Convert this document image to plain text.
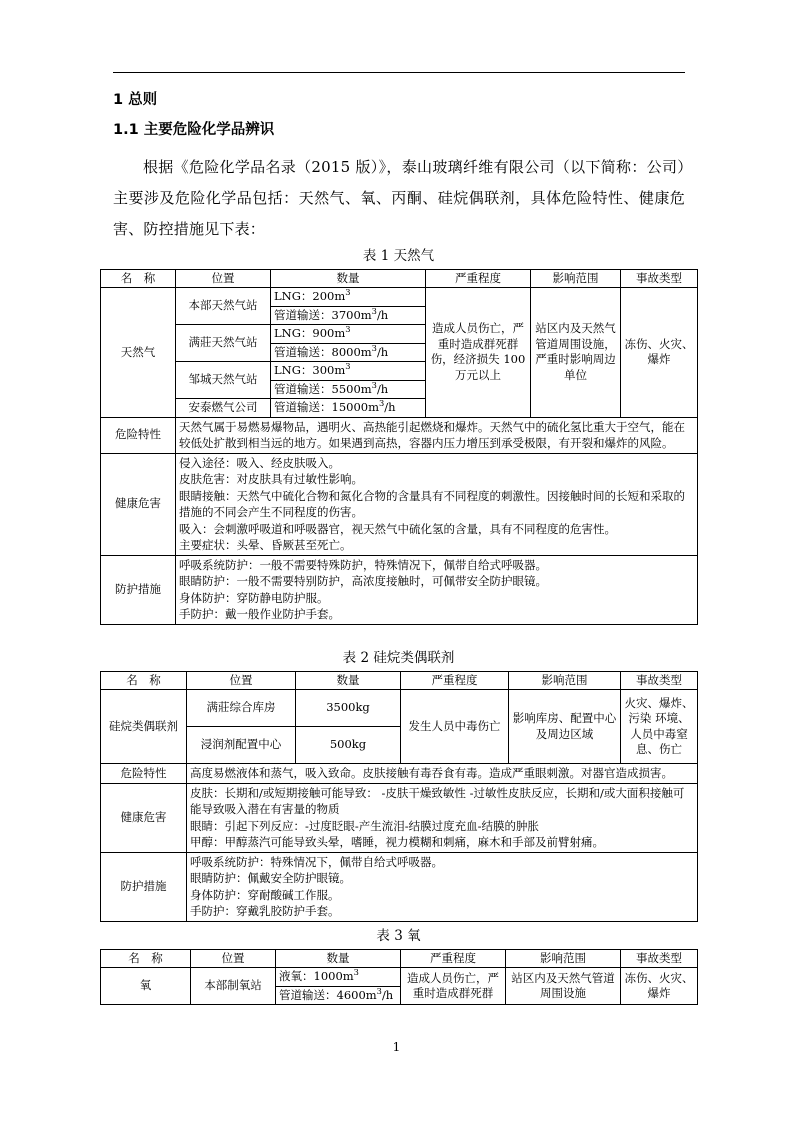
1 总则
1.1 主要危险化学品辨识
根据《危险化学品名录（2015 版）》，泰山玻璃纤维有限公司（以下简称：公司）主要涉及危险化学品包括：天然气、氧、丙酮、硅烷偶联剂，具体危险特性、健康危害、防控措施见下表：
表 1 天然气
名　称	位置	数量	严重程度	影响范围	事故类型
天然气	本部天然气站	LNG：$200m^3$	造成人员伤亡，严重时造成群死群伤，经济损失 100 万元以上	站区内及天然气管道周围设施，严重时影响周边单位	冻伤、火灾、爆炸
		管道输送：$3700m^3/h$			
	满莊天然气站	LNG：$900m^3$
		管道输送：$8000m^3/h$			
	邹城天然气站	LNG：$300m^3$
		管道输送：$5500m^3/h$			
	安泰燃气公司	管道输送：$15000m^3/h$			
危险特性	天然气属于易燃易爆物品，遇明火、高热能引起燃烧和爆炸。天然气中的硫化氢比重大于空气，能在较低处扩散到相当远的地方。如果遇到高热，容器内压力增压到承受极限，有开裂和爆炸的风险。				
健康危害	侵入途径：吸入、经皮肤吸入。
皮肤危害：对皮肤具有过敏性影响。
眼睛接触：天然气中硫化合物和氮化合物的含量具有不同程度的刺激性。因接触时间的长短和采取的措施的不同会产生不同程度的伤害。
吸入：会刺激呼吸道和呼吸器官，视天然气中硫化氢的含量，具有不同程度的危害性。
主要症状：头晕、昏厥甚至死亡。				

防护措施	呼吸系统防护：一般不需要特殊防护，特殊情况下，佩带自给式呼吸器。
眼睛防护：一般不需要特别防护，高浓度接触时，可佩带安全防护眼镜。
身体防护：穿防静电防护服。
手防护：戴一般作业防护手套。				
表 2 硅烷类偶联剂
名　称	位置	数量	严重程度	影响范围	事故类型
硅烷类偶联剂	满莊综合库房	3500kg	发生人员中毒伤亡	影响库房、配置中心及周边区域	火灾、爆炸、污染 环境、人员中毒窒息、伤亡
	浸润剂配置中心	500kg			
危险特性	高度易燃液体和蒸气，吸入致命。皮肤接触有毒吞食有毒。造成严重眼刺激。对器官造成损害。				
健康危害	皮肤：长期和/或短期接触可能导致： -皮肤干燥致敏性 -过敏性皮肤反应，长期和/或大面积接触可能导致吸入潜在有害量的物质
眼睛：引起下列反应：-过度眨眼-产生流泪-结膜过度充血-结膜的肿胀
甲醇：甲醇蒸汽可能导致头晕，嗜睡，视力模糊和刺痛，麻木和手部及前臂射痛。				

防护措施	呼吸系统防护：特殊情况下，佩带自给式呼吸器。
眼睛防护：佩戴安全防护眼镜。
身体防护：穿耐酸碱工作服。
手防护：穿戴乳胶防护手套。				
表 3 氧
名　称	位置	数量	严重程度	影响范围	事故类型
氧	本部制氧站	液氧：$1000m^3$	造成人员伤亡，严重时造成群死群	站区内及天然气管道周围设施	冻伤、火灾、爆炸
		管道输送：$4600m^3/h$			
1
